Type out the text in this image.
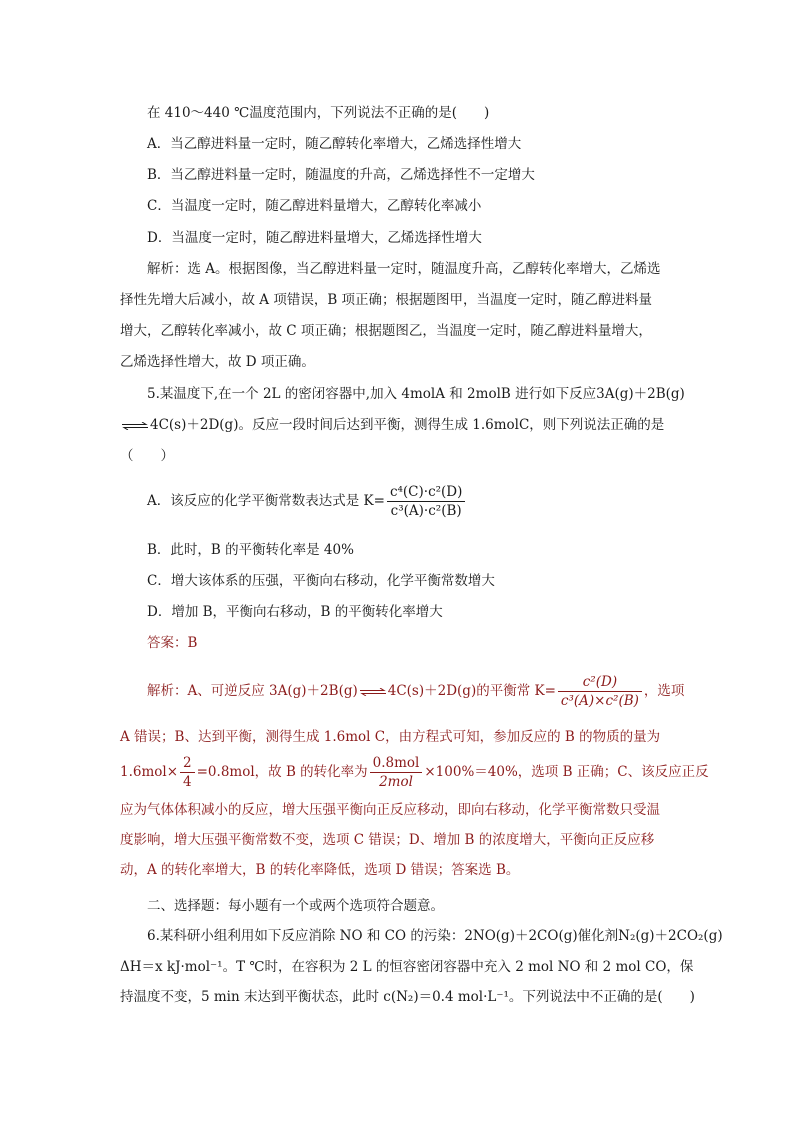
在 410～440 ℃温度范围内，下列说法不正确的是(　　)
A．当乙醇进料量一定时，随乙醇转化率增大，乙烯选择性增大
B．当乙醇进料量一定时，随温度的升高，乙烯选择性不一定增大
C．当温度一定时，随乙醇进料量增大，乙醇转化率减小
D．当温度一定时，随乙醇进料量增大，乙烯选择性增大
解析：选 A。根据图像，当乙醇进料量一定时，随温度升高，乙醇转化率增大，乙烯选
择性先增大后减小，故 A 项错误，B 项正确；根据题图甲，当温度一定时，随乙醇进料量
增大，乙醇转化率减小，故 C 项正确；根据题图乙，当温度一定时，随乙醇进料量增大，
乙烯选择性增大，故 D 项正确。
5.某温度下,在一个 2L 的密闭容器中,加入 4molA 和 2molB 进行如下反应3A(g)＋2B(g)
⇌ 4C(s)＋2D(g)。反应一段时间后达到平衡，测得生成 1.6molC，则下列说法正确的是
（　　）
A．该反应的化学平衡常数表达式是 $K= \frac{\text{c⁴(C)·c²(D)}}{\text{c³(A)·c²(B)}}$
B．此时，B 的平衡转化率是 40%
C．增大该体系的压强，平衡向右移动，化学平衡常数增大
D．增加 B，平衡向右移动，B 的平衡转化率增大
答案：B
解析：A、可逆反应 3A(g)＋2B(g) ⇌ 4C(s)＋2D(g)的平衡常 $K= \frac{\text{c²(D)}}{\text{c³(A)×c²(B)}}$ ，选项
A 错误；B、达到平衡，测得生成 1.6mol C，由方程式可知，参加反应的 B 的物质的量为
$1.6mol\times \frac{2}{4} =0.8mol$，故 B 的转化率为 $\frac{\text{0.8mol}}{\text{2mol}} \times 100\%=40\%$，选项 B 正确；C、该反应正反
应为气体体积减小的反应，增大压强平衡向正反应移动，即向右移动，化学平衡常数只受温
度影响，增大压强平衡常数不变，选项 C 错误；D、增加 B 的浓度增大，平衡向正反应移
动，A 的转化率增大，B 的转化率降低，选项 D 错误；答案选 B。
二、选择题：每小题有一个或两个选项符合题意。
6.某科研小组利用如下反应消除 NO 和 CO 的污染：2NO(g)＋2CO(g)催化剂N₂(g)＋2CO₂(g)
ΔH＝x kJ·mol⁻¹。T ℃时，在容积为 2 L 的恒容密闭容器中充入 2 mol NO 和 2 mol CO，保
持温度不变，5 min 末达到平衡状态，此时 c(N₂)＝0.4 mol·L⁻¹。下列说法中不正确的是(　　)
